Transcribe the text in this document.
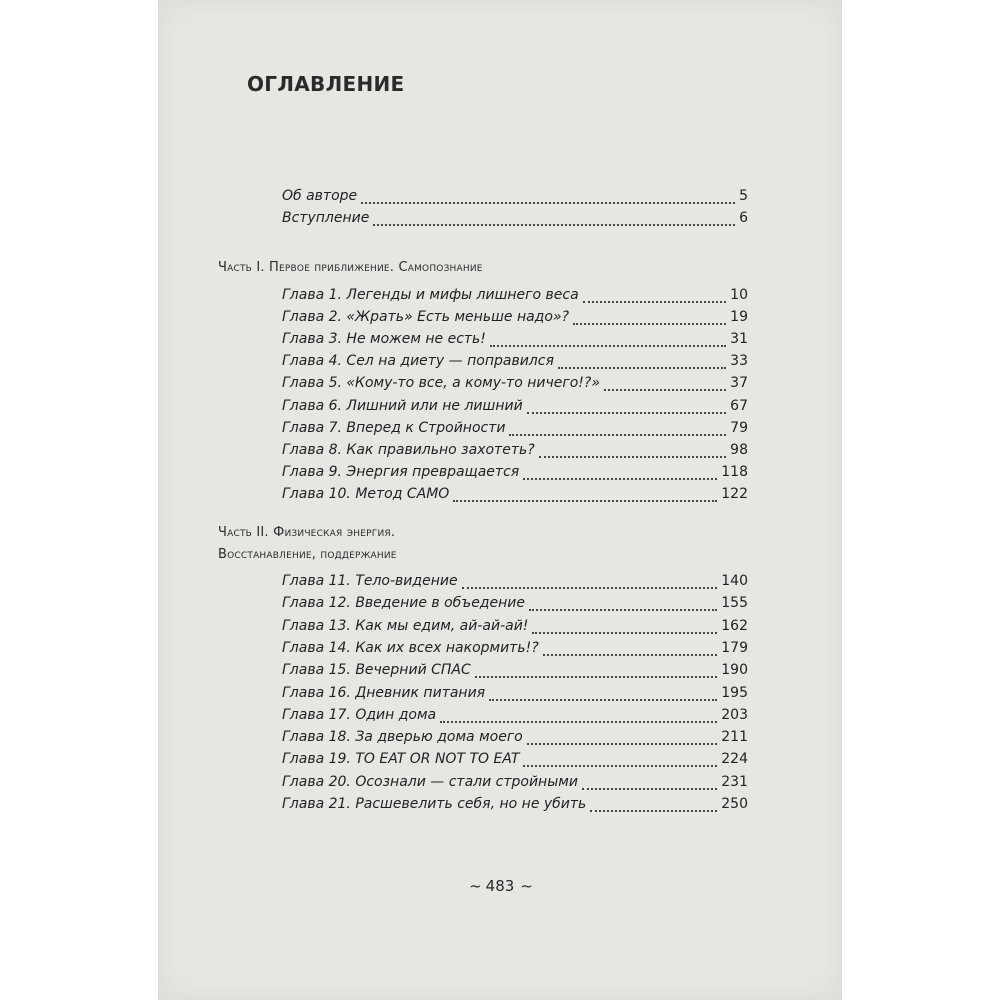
ОГЛАВЛЕНИЕ
Об авторе	5
Вступление	6
Часть I. Первое приближение. Самопознание
Глава 1. Легенды и мифы лишнего веса	10
Глава 2. «Жрать» Есть меньше надо»?	19
Глава 3. Не можем не есть!	31
Глава 4. Сел на диету — поправился	33
Глава 5. «Кому-то все, а кому-то ничего!?»	37
Глава 6. Лишний или не лишний	67
Глава 7. Вперед к Стройности	79
Глава 8. Как правильно захотеть?	98
Глава 9. Энергия превращается	118
Глава 10. Метод САМО	122
Часть II. Физическая энергия.
Восстанавление, поддержание
Глава 11. Тело-видение	140
Глава 12. Введение в объедение	155
Глава 13. Как мы едим, ай-ай-ай!	162
Глава 14. Как их всех накормить!?	179
Глава 15. Вечерний СПАС	190
Глава 16. Дневник питания	195
Глава 17. Один дома	203
Глава 18. За дверью дома моего	211
Глава 19. TO EAT OR NOT TO EAT	224
Глава 20. Осознали — стали стройными	231
Глава 21. Расшевелить себя, но не убить	250
~ 483 ~
